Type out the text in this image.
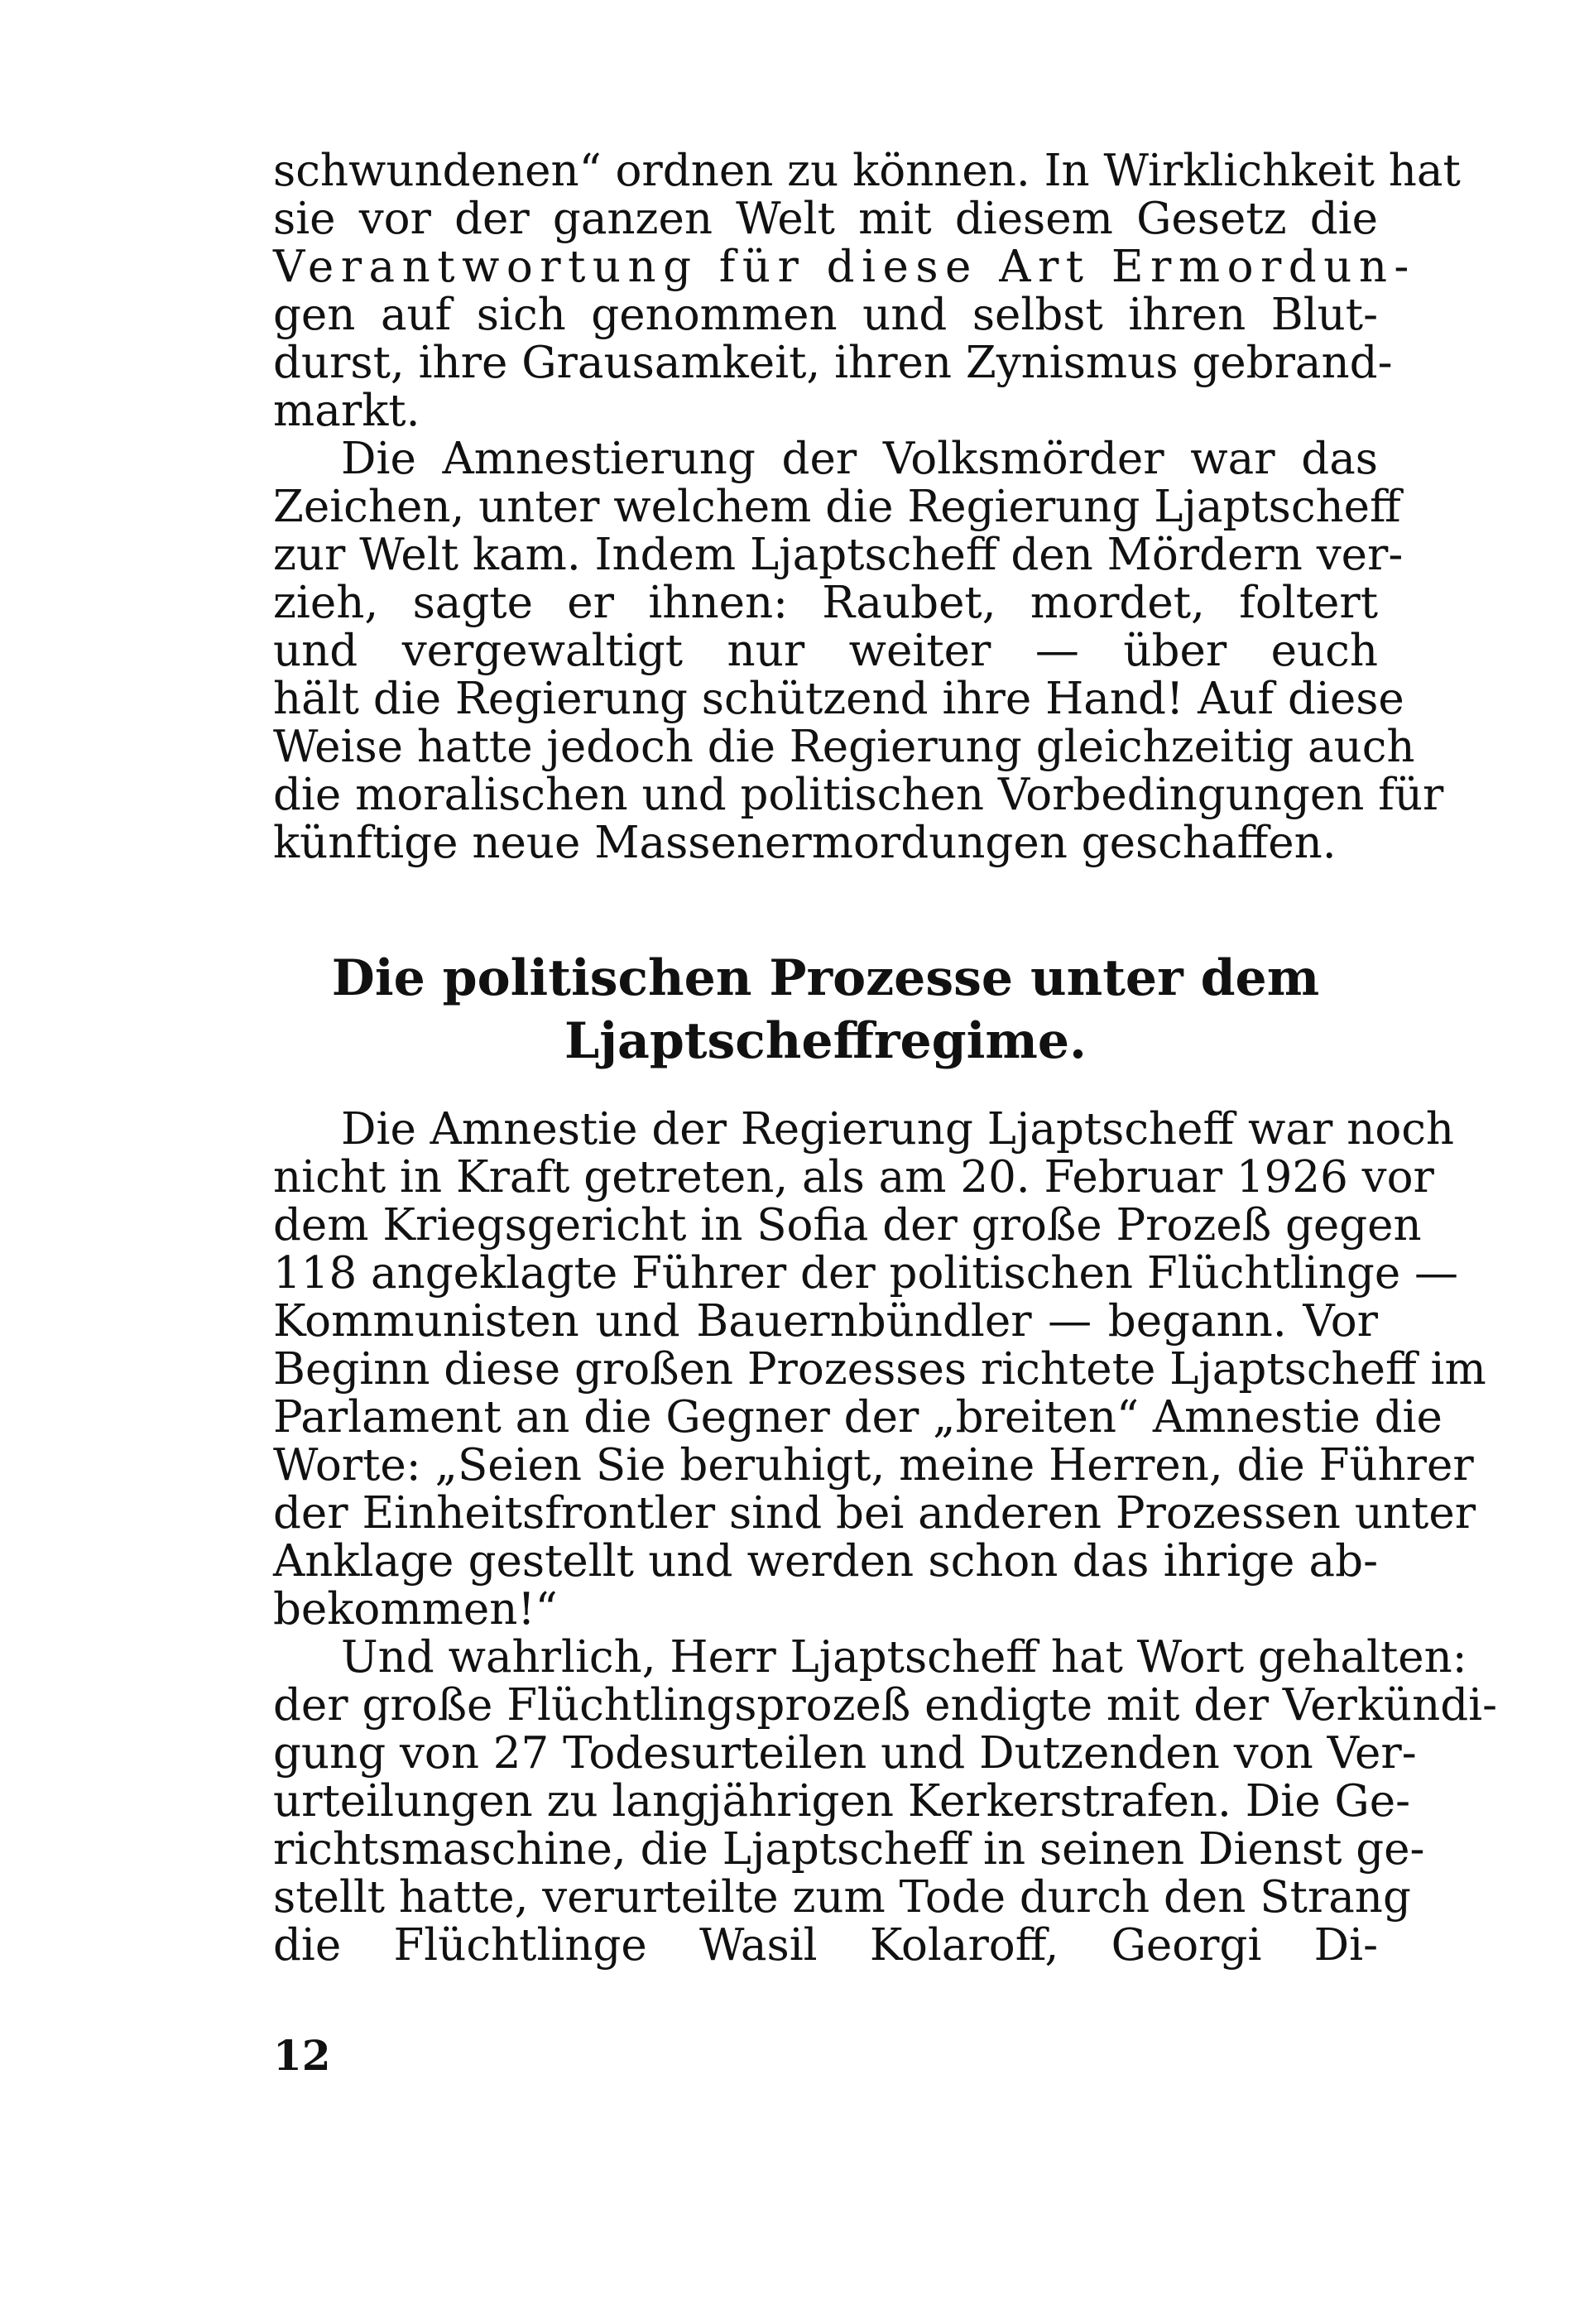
schwundenen“ ordnen zu können. In Wirklichkeit hat
sie vor der ganzen Welt mit diesem Gesetz die
Verantwortung für diese Art Ermordun-
gen auf sich genommen und selbst ihren Blut-
durst, ihre Grausamkeit, ihren Zynismus gebrand-
markt.
Die Amnestierung der Volksmörder war das
Zeichen, unter welchem die Regierung Ljaptscheff
zur Welt kam. Indem Ljaptscheff den Mördern ver-
zieh, sagte er ihnen: Raubet, mordet, foltert
und vergewaltigt nur weiter — über euch
hält die Regierung schützend ihre Hand! Auf diese
Weise hatte jedoch die Regierung gleichzeitig auch
die moralischen und politischen Vorbedingungen für
künftige neue Massenermordungen geschaffen.
Die politischen Prozesse unter dem
Ljaptscheffregime.
Die Amnestie der Regierung Ljaptscheff war noch
nicht in Kraft getreten, als am 20. Februar 1926 vor
dem Kriegsgericht in Sofia der große Prozeß gegen
118 angeklagte Führer der politischen Flüchtlinge —
Kommunisten und Bauernbündler — begann. Vor
Beginn diese großen Prozesses richtete Ljaptscheff im
Parlament an die Gegner der „breiten“ Amnestie die
Worte: „Seien Sie beruhigt, meine Herren, die Führer
der Einheitsfrontler sind bei anderen Prozessen unter
Anklage gestellt und werden schon das ihrige ab-
bekommen!“
Und wahrlich, Herr Ljaptscheff hat Wort gehalten:
der große Flüchtlingsprozeß endigte mit der Verkündi-
gung von 27 Todesurteilen und Dutzenden von Ver-
urteilungen zu langjährigen Kerkerstrafen. Die Ge-
richtsmaschine, die Ljaptscheff in seinen Dienst ge-
stellt hatte, verurteilte zum Tode durch den Strang
die Flüchtlinge Wasil Kolaroff, Georgi Di-
12
